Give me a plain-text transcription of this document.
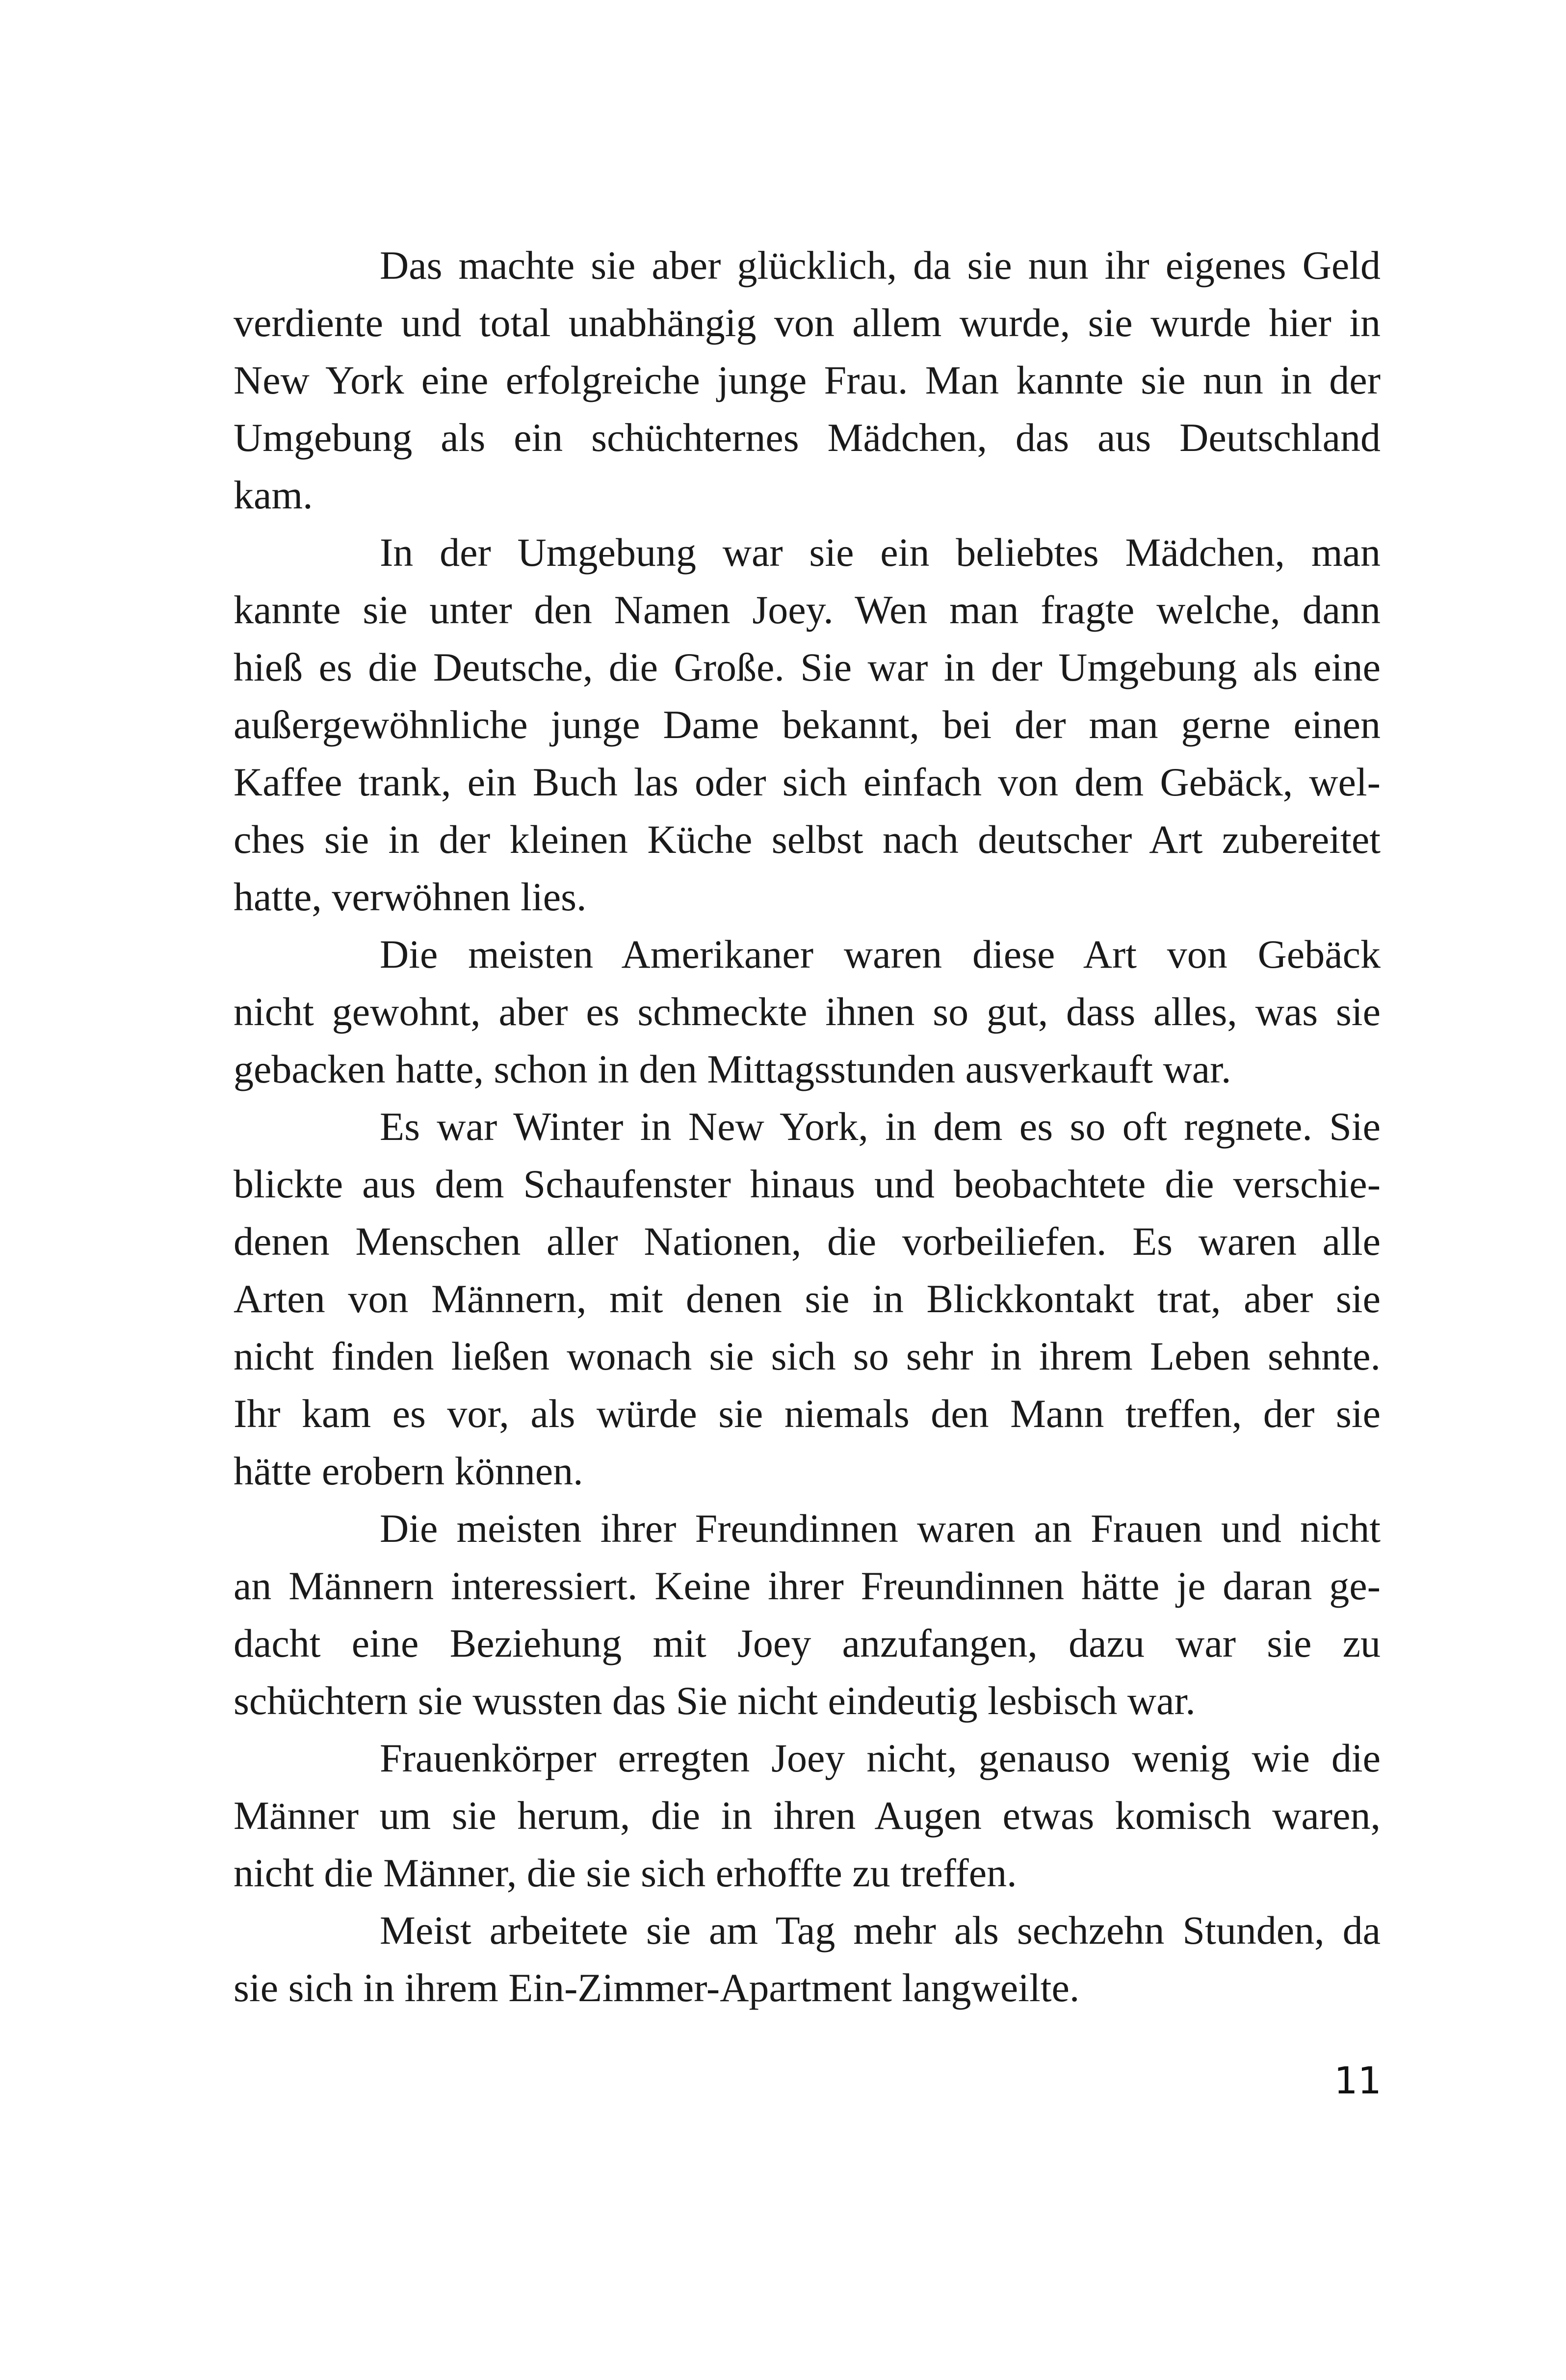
Das machte sie aber glücklich, da sie nun ihr eigenes Geld
verdiente und total unabhängig von allem wurde, sie wurde hier in
New York eine erfolgreiche junge Frau. Man kannte sie nun in der
Umgebung als ein schüchternes Mädchen, das aus Deutschland
kam.

In der Umgebung war sie ein beliebtes Mädchen, man
kannte sie unter den Namen Joey. Wen man fragte welche, dann
hieß es die Deutsche, die Große. Sie war in der Umgebung als eine
außergewöhnliche junge Dame bekannt, bei der man gerne einen
Kaffee trank, ein Buch las oder sich einfach von dem Gebäck, wel-
ches sie in der kleinen Küche selbst nach deutscher Art zubereitet
hatte, verwöhnen lies.

Die meisten Amerikaner waren diese Art von Gebäck
nicht gewohnt, aber es schmeckte ihnen so gut, dass alles, was sie
gebacken hatte, schon in den Mittagsstunden ausverkauft war.

Es war Winter in New York, in dem es so oft regnete. Sie
blickte aus dem Schaufenster hinaus und beobachtete die verschie-
denen Menschen aller Nationen, die vorbeiliefen. Es waren alle
Arten von Männern, mit denen sie in Blickkontakt trat, aber sie
nicht finden ließen wonach sie sich so sehr in ihrem Leben sehnte.
Ihr kam es vor, als würde sie niemals den Mann treffen, der sie
hätte erobern können.

Die meisten ihrer Freundinnen waren an Frauen und nicht
an Männern interessiert. Keine ihrer Freundinnen hätte je daran ge-
dacht eine Beziehung mit Joey anzufangen, dazu war sie zu
schüchtern sie wussten das Sie nicht eindeutig lesbisch war.

Frauenkörper erregten Joey nicht, genauso wenig wie die
Männer um sie herum, die in ihren Augen etwas komisch waren,
nicht die Männer, die sie sich erhoffte zu treffen.

Meist arbeitete sie am Tag mehr als sechzehn Stunden, da
sie sich in ihrem Ein-Zimmer-Apartment langweilte.

11
